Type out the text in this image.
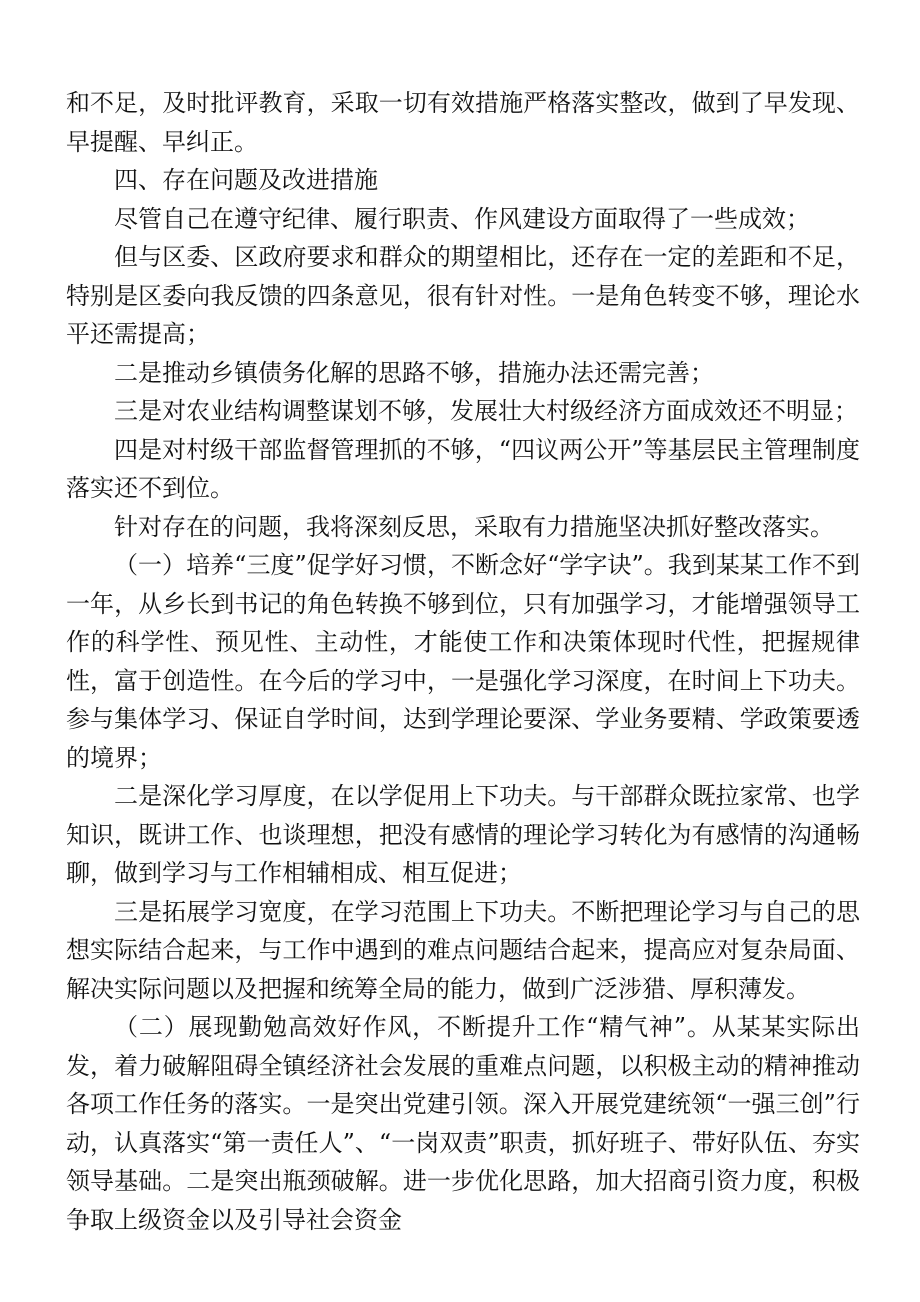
和不足，及时批评教育，采取一切有效措施严格落实整改，做到了早发现、早提醒、早纠正。

四、存在问题及改进措施

尽管自己在遵守纪律、履行职责、作风建设方面取得了一些成效；

但与区委、区政府要求和群众的期望相比，还存在一定的差距和不足，特别是区委向我反馈的四条意见，很有针对性。一是角色转变不够，理论水平还需提高；

二是推动乡镇债务化解的思路不够，措施办法还需完善；

三是对农业结构调整谋划不够，发展壮大村级经济方面成效还不明显；

四是对村级干部监督管理抓的不够，“四议两公开”等基层民主管理制度落实还不到位。

针对存在的问题，我将深刻反思，采取有力措施坚决抓好整改落实。

（一）培养“三度”促学好习惯，不断念好“学字诀”。我到某某工作不到一年，从乡长到书记的角色转换不够到位，只有加强学习，才能增强领导工作的科学性、预见性、主动性，才能使工作和决策体现时代性，把握规律性，富于创造性。在今后的学习中，一是强化学习深度，在时间上下功夫。参与集体学习、保证自学时间，达到学理论要深、学业务要精、学政策要透的境界；

二是深化学习厚度，在以学促用上下功夫。与干部群众既拉家常、也学知识，既讲工作、也谈理想，把没有感情的理论学习转化为有感情的沟通畅聊，做到学习与工作相辅相成、相互促进；

三是拓展学习宽度，在学习范围上下功夫。不断把理论学习与自己的思想实际结合起来，与工作中遇到的难点问题结合起来，提高应对复杂局面、解决实际问题以及把握和统筹全局的能力，做到广泛涉猎、厚积薄发。

（二）展现勤勉高效好作风，不断提升工作“精气神”。从某某实际出发，着力破解阻碍全镇经济社会发展的重难点问题，以积极主动的精神推动各项工作任务的落实。一是突出党建引领。深入开展党建统领“一强三创”行动，认真落实“第一责任人”、“一岗双责”职责，抓好班子、带好队伍、夯实领导基础。二是突出瓶颈破解。进一步优化思路，加大招商引资力度，积极争取上级资金以及引导社会资金
